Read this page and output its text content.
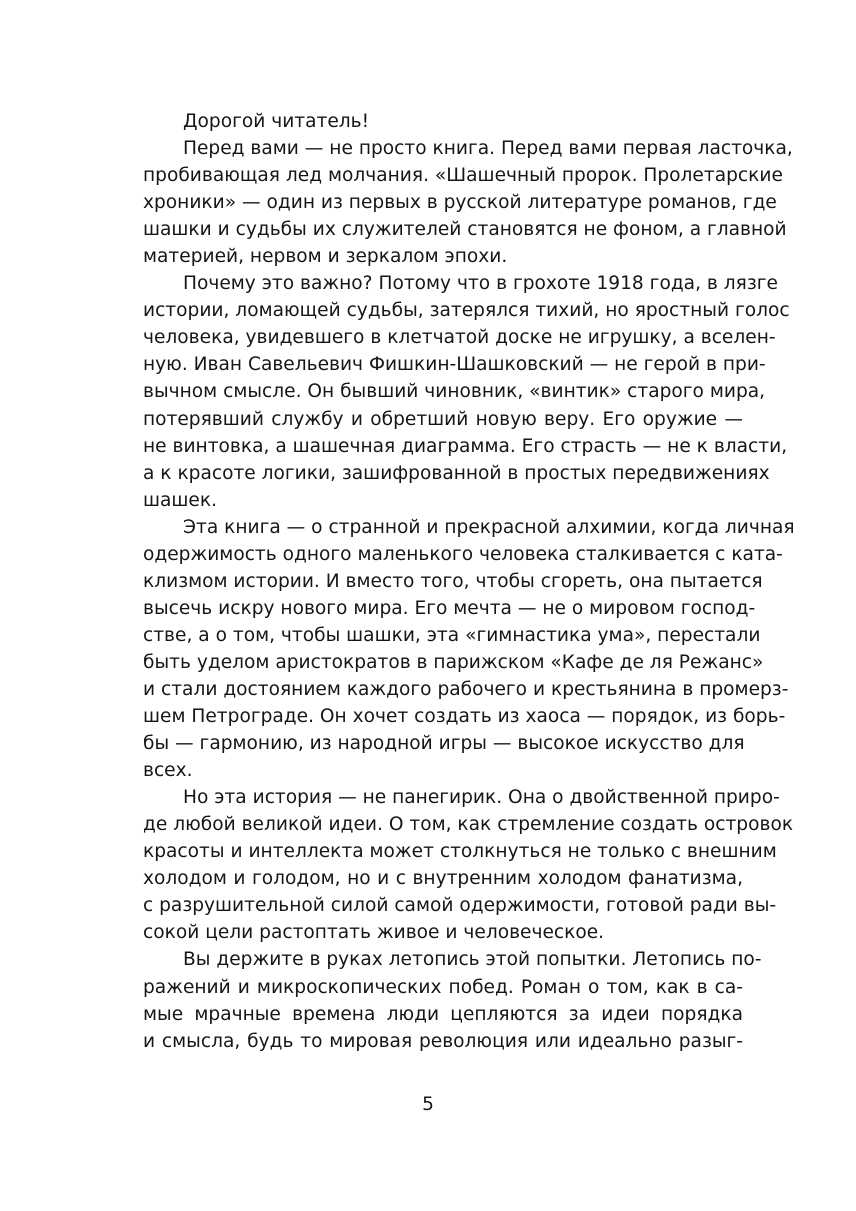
Дорогой читатель!
Перед вами — не просто книга. Перед вами первая ласточка,
пробивающая лед молчания. «Шашечный пророк. Пролетарские
хроники» — один из первых в русской литературе романов, где
шашки и судьбы их служителей становятся не фоном, а главной
материей, нервом и зеркалом эпохи.
Почему это важно? Потому что в грохоте 1918 года, в лязге
истории, ломающей судьбы, затерялся тихий, но яростный голос
человека, увидевшего в клетчатой доске не игрушку, а вселен-
ную. Иван Савельевич Фишкин-Шашковский — не герой в при-
вычном смысле. Он бывший чиновник, «винтик» старого мира,
потерявший службу и обретший новую веру. Его оружие —
не винтовка, а шашечная диаграмма. Его страсть — не к власти,
а к красоте логики, зашифрованной в простых передвижениях
шашек.
Эта книга — о странной и прекрасной алхимии, когда личная
одержимость одного маленького человека сталкивается с ката-
клизмом истории. И вместо того, чтобы сгореть, она пытается
высечь искру нового мира. Его мечта — не о мировом господ-
стве, а о том, чтобы шашки, эта «гимнастика ума», перестали
быть уделом аристократов в парижском «Кафе де ля Режанс»
и стали достоянием каждого рабочего и крестьянина в промерз-
шем Петрограде. Он хочет создать из хаоса — порядок, из борь-
бы — гармонию, из народной игры — высокое искусство для
всех.
Но эта история — не панегирик. Она о двойственной приро-
де любой великой идеи. О том, как стремление создать островок
красоты и интеллекта может столкнуться не только с внешним
холодом и голодом, но и с внутренним холодом фанатизма,
с разрушительной силой самой одержимости, готовой ради вы-
сокой цели растоптать живое и человеческое.
Вы держите в руках летопись этой попытки. Летопись по-
ражений и микроскопических побед. Роман о том, как в са-
мые мрачные времена люди цепляются за идеи порядка
и смысла, будь то мировая революция или идеально разыг-
5
